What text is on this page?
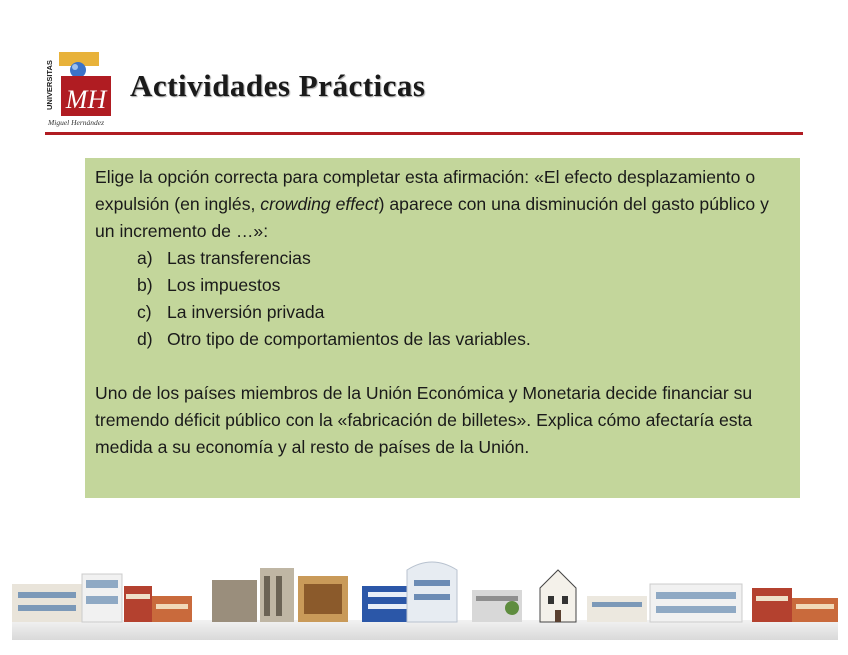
UNIVERSITAS MH
Miguel Hernández
Actividades Prácticas

Elige la opción correcta para completar esta afirmación: «El efecto desplazamiento o expulsión (en inglés, crowding effect) aparece con una disminución del gasto público y un incremento de …»:

a) Las transferencias
b) Los impuestos
c) La inversión privada
d) Otro tipo de comportamientos de las variables.

Uno de los países miembros de la Unión Económica y Monetaria decide financiar su tremendo déficit público con la «fabricación de billetes». Explica cómo afectaría esta medida a su economía y al resto de países de la Unión.
